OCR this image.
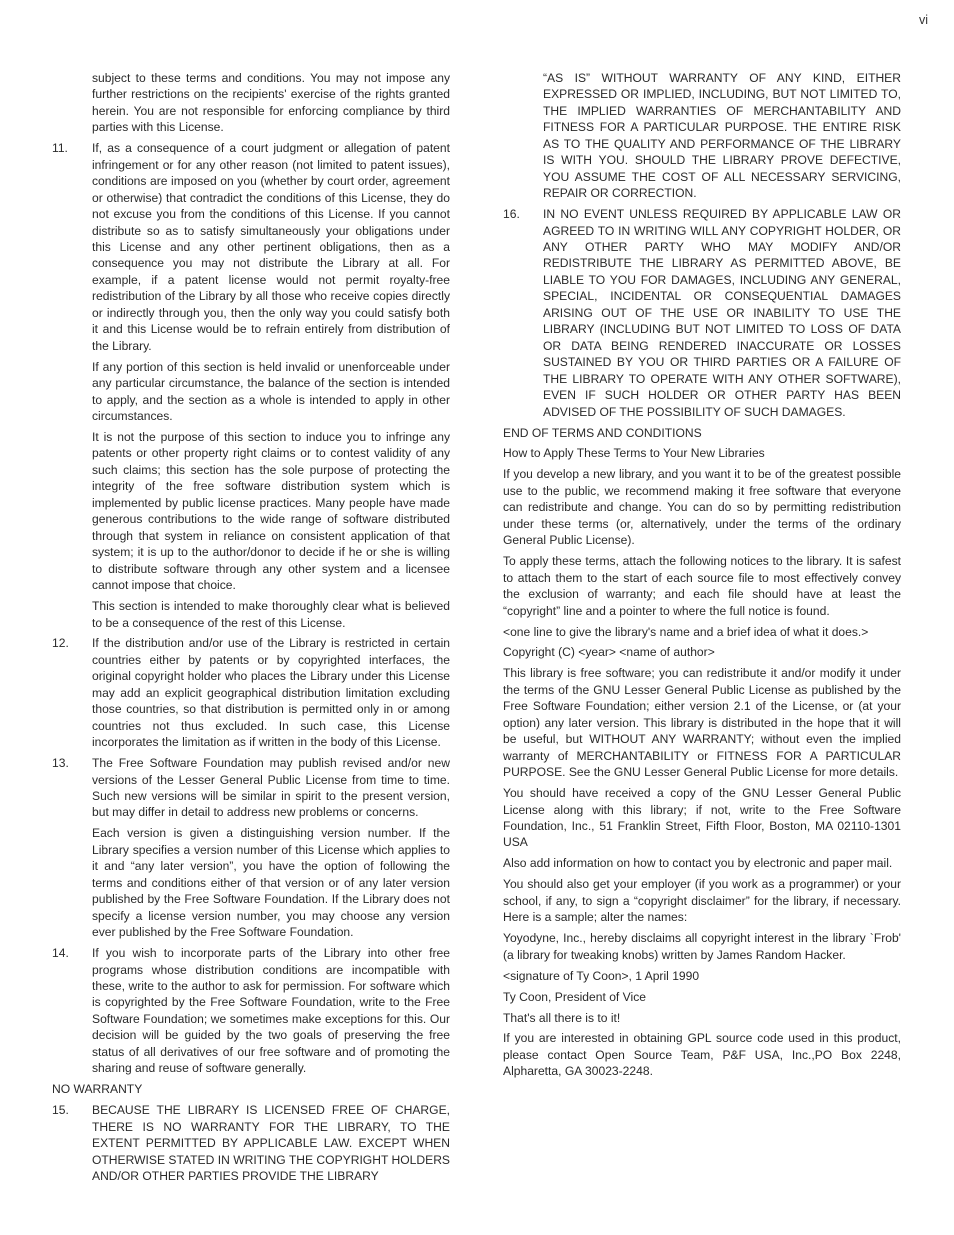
vi

subject to these terms and conditions. You may not impose any further restrictions on the recipients' exercise of the rights granted herein. You are not responsible for enforcing compliance by third parties with this License.

11.	If, as a consequence of a court judgment or allegation of patent infringement or for any other reason (not limited to patent issues), conditions are imposed on you (whether by court order, agreement or otherwise) that contradict the conditions of this License, they do not excuse you from the conditions of this License. If you cannot distribute so as to satisfy simultaneously your obligations under this License and any other pertinent obligations, then as a consequence you may not distribute the Library at all. For example, if a patent license would not permit royalty-free redistribution of the Library by all those who receive copies directly or indirectly through you, then the only way you could satisfy both it and this License would be to refrain entirely from distribution of the Library.

If any portion of this section is held invalid or unenforceable under any particular circumstance, the balance of the section is intended to apply, and the section as a whole is intended to apply in other circumstances.

It is not the purpose of this section to induce you to infringe any patents or other property right claims or to contest validity of any such claims; this section has the sole purpose of protecting the integrity of the free software distribution system which is implemented by public license practices. Many people have made generous contributions to the wide range of software distributed through that system in reliance on consistent application of that system; it is up to the author/donor to decide if he or she is willing to distribute software through any other system and a licensee cannot impose that choice.

This section is intended to make thoroughly clear what is believed to be a consequence of the rest of this License.

12.	If the distribution and/or use of the Library is restricted in certain countries either by patents or by copyrighted interfaces, the original copyright holder who places the Library under this License may add an explicit geographical distribution limitation excluding those countries, so that distribution is permitted only in or among countries not thus excluded. In such case, this License incorporates the limitation as if written in the body of this License.
13.	The Free Software Foundation may publish revised and/or new versions of the Lesser General Public License from time to time. Such new versions will be similar in spirit to the present version, but may differ in detail to address new problems or concerns.

Each version is given a distinguishing version number. If the Library specifies a version number of this License which applies to it and “any later version”, you have the option of following the terms and conditions either of that version or of any later version published by the Free Software Foundation. If the Library does not specify a license version number, you may choose any version ever published by the Free Software Foundation.

14.	If you wish to incorporate parts of the Library into other free programs whose distribution conditions are incompatible with these, write to the author to ask for permission. For software which is copyrighted by the Free Software Foundation, write to the Free Software Foundation; we sometimes make exceptions for this. Our decision will be guided by the two goals of preserving the free status of all derivatives of our free software and of promoting the sharing and reuse of software generally.

NO WARRANTY

15.	BECAUSE THE LIBRARY IS LICENSED FREE OF CHARGE, THERE IS NO WARRANTY FOR THE LIBRARY, TO THE EXTENT PERMITTED BY APPLICABLE LAW. EXCEPT WHEN OTHERWISE STATED IN WRITING THE COPYRIGHT HOLDERS AND/OR OTHER PARTIES PROVIDE THE LIBRARY

“AS IS” WITHOUT WARRANTY OF ANY KIND, EITHER EXPRESSED OR IMPLIED, INCLUDING, BUT NOT LIMITED TO, THE IMPLIED WARRANTIES OF MERCHANTABILITY AND FITNESS FOR A PARTICULAR PURPOSE. THE ENTIRE RISK AS TO THE QUALITY AND PERFORMANCE OF THE LIBRARY IS WITH YOU. SHOULD THE LIBRARY PROVE DEFECTIVE, YOU ASSUME THE COST OF ALL NECESSARY SERVICING, REPAIR OR CORRECTION.

16.	IN NO EVENT UNLESS REQUIRED BY APPLICABLE LAW OR AGREED TO IN WRITING WILL ANY COPYRIGHT HOLDER, OR ANY OTHER PARTY WHO MAY MODIFY AND/OR REDISTRIBUTE THE LIBRARY AS PERMITTED ABOVE, BE LIABLE TO YOU FOR DAMAGES, INCLUDING ANY GENERAL, SPECIAL, INCIDENTAL OR CONSEQUENTIAL DAMAGES ARISING OUT OF THE USE OR INABILITY TO USE THE LIBRARY (INCLUDING BUT NOT LIMITED TO LOSS OF DATA OR DATA BEING RENDERED INACCURATE OR LOSSES SUSTAINED BY YOU OR THIRD PARTIES OR A FAILURE OF THE LIBRARY TO OPERATE WITH ANY OTHER SOFTWARE), EVEN IF SUCH HOLDER OR OTHER PARTY HAS BEEN ADVISED OF THE POSSIBILITY OF SUCH DAMAGES.

END OF TERMS AND CONDITIONS

How to Apply These Terms to Your New Libraries

If you develop a new library, and you want it to be of the greatest possible use to the public, we recommend making it free software that everyone can redistribute and change. You can do so by permitting redistribution under these terms (or, alternatively, under the terms of the ordinary General Public License).

To apply these terms, attach the following notices to the library. It is safest to attach them to the start of each source file to most effectively convey the exclusion of warranty; and each file should have at least the “copyright” line and a pointer to where the full notice is found.

<one line to give the library's name and a brief idea of what it does.>

Copyright (C) <year> <name of author>

This library is free software; you can redistribute it and/or modify it under the terms of the GNU Lesser General Public License as published by the Free Software Foundation; either version 2.1 of the License, or (at your option) any later version. This library is distributed in the hope that it will be useful, but WITHOUT ANY WARRANTY; without even the implied warranty of MERCHANTABILITY or FITNESS FOR A PARTICULAR PURPOSE. See the GNU Lesser General Public License for more details.

You should have received a copy of the GNU Lesser General Public License along with this library; if not, write to the Free Software Foundation, Inc., 51 Franklin Street, Fifth Floor, Boston, MA 02110-1301 USA

Also add information on how to contact you by electronic and paper mail.

You should also get your employer (if you work as a programmer) or your school, if any, to sign a “copyright disclaimer” for the library, if necessary. Here is a sample; alter the names:

Yoyodyne, Inc., hereby disclaims all copyright interest in the library `Frob' (a library for tweaking knobs) written by James Random Hacker.

<signature of Ty Coon>, 1 April 1990

Ty Coon, President of Vice

That's all there is to it!

If you are interested in obtaining GPL source code used in this product, please contact Open Source Team, P&F USA, Inc.,PO Box 2248, Alpharetta, GA 30023-2248.
